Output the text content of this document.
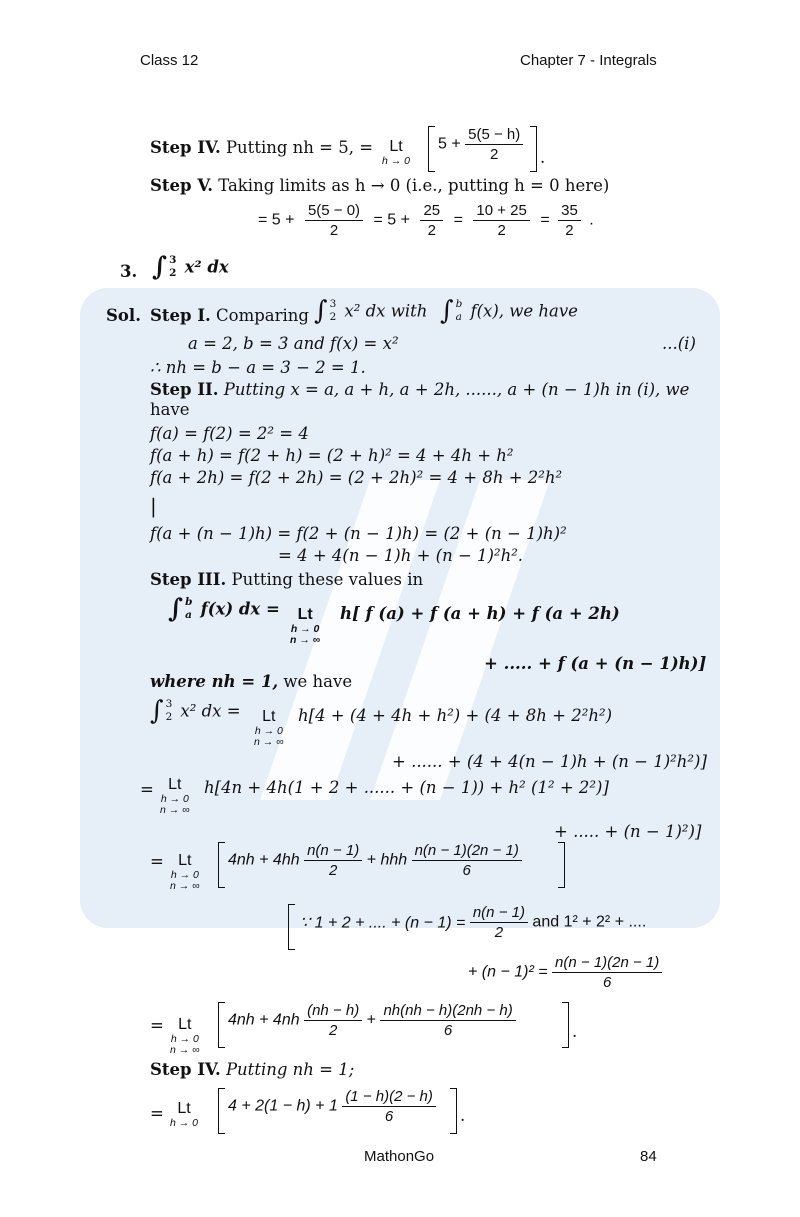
Class 12	Chapter 7 - Integrals
Step IV. Putting nh = 5, =	Lt
h → 0
$5 + \frac{5(5 - h)}{2}$ .
Step V. Taking limits as h → 0 (i.e., putting h = 0 here)
= $5 + \frac{5(5 - 0)}{2} = 5 + \frac{25}{2} = \frac{10 + 25}{2} = \frac{35}{2}$ .
3. ∫ 3
2 x² dx
Sol. Step I. Comparing ∫ 3
2 x² dx with ∫ b
a f(x), we have
a = 2, b = 3 and f(x) = x²	...(i)
∴ nh = b − a = 3 − 2 = 1.
Step II. Putting x = a, a + h, a + 2h, ......, a + (n − 1)h in (i), we
have
f(a) = f(2) = 2² = 4
f(a + h) = f(2 + h) = (2 + h)² = 4 + 4h + h²
f(a + 2h) = f(2 + 2h) = (2 + 2h)² = 4 + 8h + 2²h²
|
f(a + (n − 1)h) = f(2 + (n − 1)h) = (2 + (n − 1)h)²
= 4 + 4(n − 1)h + (n − 1)²h².
Step III. Putting these values in
∫ b
a f(x) dx =	Lt
h → 0
n → ∞
h[ f (a) + f (a + h) + f (a + 2h)
+ ..... + f (a + (n − 1)h)]
where nh = 1, we have
∫ 3
2 x² dx =	Lt
h → 0
n → ∞
h[4 + (4 + 4h + h²) + (4 + 8h + 2²h²)
+ ...... + (4 + 4(n − 1)h + (n − 1)²h²)]
= Lt
h → 0
n → ∞
h[4n + 4h(1 + 2 + ...... + (n − 1)) + h² (1² + 2²)]
+ ..... + (n − 1)²)]
= Lt
h → 0
n → ∞
$4nh + 4hh \frac{n(n - 1)}{2}$ + hhh $\frac{n(n - 1)(2n - 1)}{6}$
∵ 1 + 2 + .... + $(n - 1) = \frac{n(n - 1)}{2}$ and 1² + 2² + ....
+ $(n - 1)^2 = \frac{n(n - 1)(2n - 1)}{6}$
= Lt
h → 0
n → ∞
$4nh + 4nh \frac{(nh - h)}{2} + \frac{nh(nh - h)(2nh - h)}{6}$	.
Step IV. Putting nh = 1;
= Lt
h → 0
$4 + 2(1 - h) + 1 \frac{(1 - h)(2 - h)}{6}$ .
MathonGo	84
